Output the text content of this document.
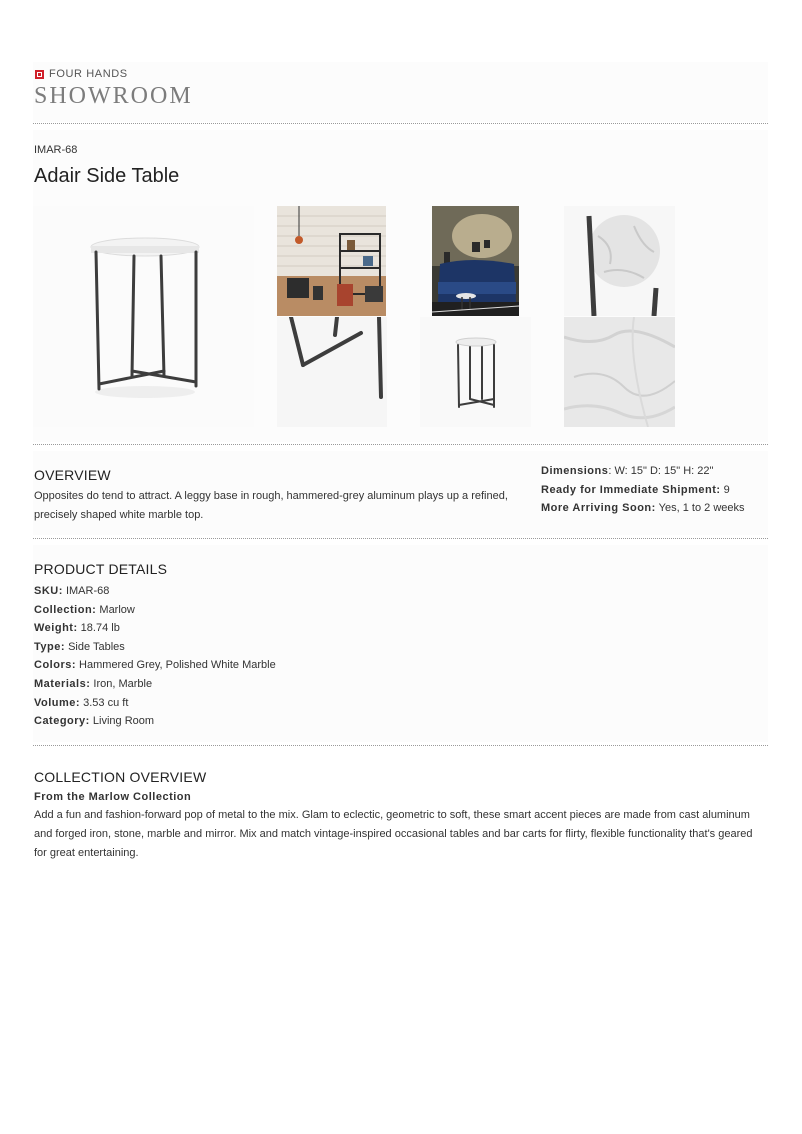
FOUR HANDS
SHOWROOM
IMAR-68
Adair Side Table
OVERVIEW
Opposites do tend to attract. A leggy base in rough, hammered-grey aluminum plays up a refined, precisely shaped white marble top.
Dimensions: W: 15" D: 15" H: 22"
Ready for Immediate Shipment: 9
More Arriving Soon: Yes, 1 to 2 weeks
PRODUCT DETAILS
SKU: IMAR-68
Collection: Marlow
Weight: 18.74 lb
Type: Side Tables
Colors: Hammered Grey, Polished White Marble
Materials: Iron, Marble
Volume: 3.53 cu ft
Category: Living Room
COLLECTION OVERVIEW
From the Marlow Collection
Add a fun and fashion-forward pop of metal to the mix. Glam to eclectic, geometric to soft, these smart accent pieces are made from cast aluminum and forged iron, stone, marble and mirror. Mix and match vintage-inspired occasional tables and bar carts for flirty, flexible functionality that's geared for great entertaining.
